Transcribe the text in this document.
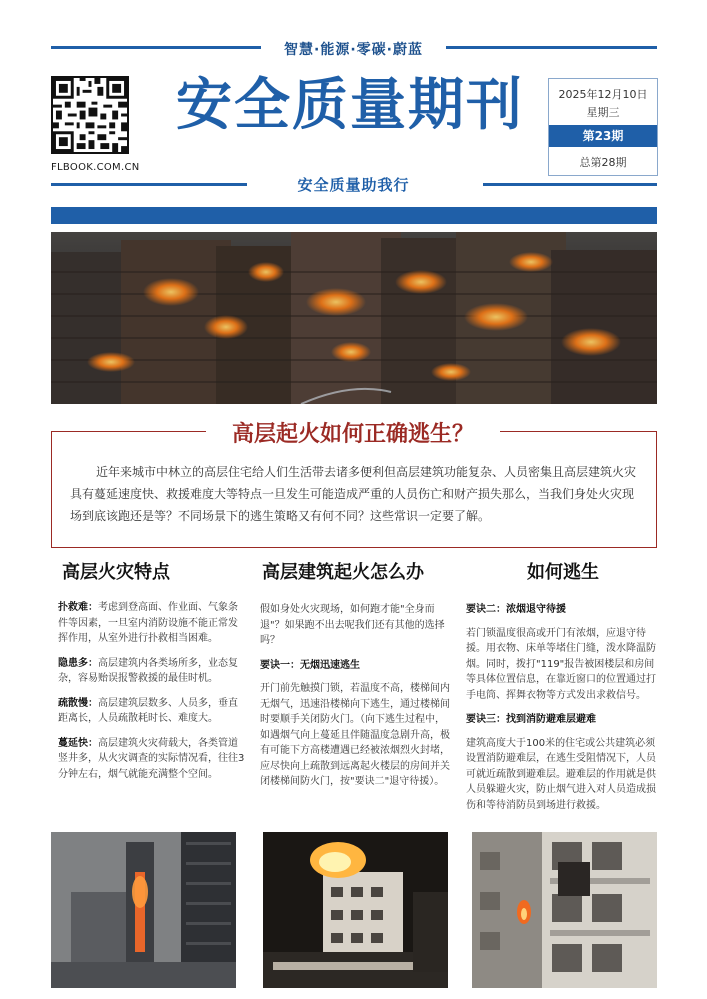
智慧·能源·零碳·蔚蓝
FLBOOK.COM.CN
安全质量期刊	2025年12月10日
星期三
第23期
总第28期
安全质量助我行
高层起火如何正确逃生？
近年来城市中林立的高层住宅给人们生活带去诸多便利但高层建筑功能复杂、人员密集且高层建筑火灾具有蔓延速度快、救援难度大等特点一旦发生可能造成严重的人员伤亡和财产损失那么，当我们身处火灾现场到底该跑还是等？不同场景下的逃生策略又有何不同？这些常识一定要了解。
高层火灾特点

扑救难：考虑到登高面、作业面、气象条件等因素，一旦室内消防设施不能正常发挥作用，从室外进行扑救相当困难。

隐患多：高层建筑内各类场所多，业态复杂，容易贻误报警救援的最佳时机。

疏散慢：高层建筑层数多、人员多，垂直距离长，人员疏散耗时长、难度大。

蔓延快：高层建筑火灾荷载大，各类管道竖井多，从火灾调查的实际情况看，往往3分钟左右，烟气就能充满整个空间。

高层建筑起火怎么办

假如身处火灾现场，如何跑才能"全身而退"？如果跑不出去呢我们还有其他的选择吗？

要诀一：无烟迅速逃生

开门前先触摸门锁，若温度不高，楼梯间内无烟气，迅速沿楼梯向下逃生，通过楼梯间时要顺手关闭防火门。（向下逃生过程中，如遇烟气向上蔓延且伴随温度急剧升高，极有可能下方高楼遭遇已经被浓烟烈火封堵，应尽快向上疏散到远离起火楼层的房间并关闭楼梯间防火门，按"要诀二"退守待援）。

如何逃生

要诀二：浓烟退守待援

若门锁温度很高或开门有浓烟，应退守待援。用衣物、床单等堵住门缝，泼水降温防烟。同时，拨打"119"报告被困楼层和房间等具体位置信息，在靠近窗口的位置通过打手电筒、挥舞衣物等方式发出求救信号。

要诀三：找到消防避难层避难

建筑高度大于100米的住宅或公共建筑必须设置消防避难层，在逃生受阻情况下，人员可就近疏散到避难层。避难层的作用就是供人员躲避火灾，防止烟气进入对人员造成损伤和等待消防员到场进行救援。
